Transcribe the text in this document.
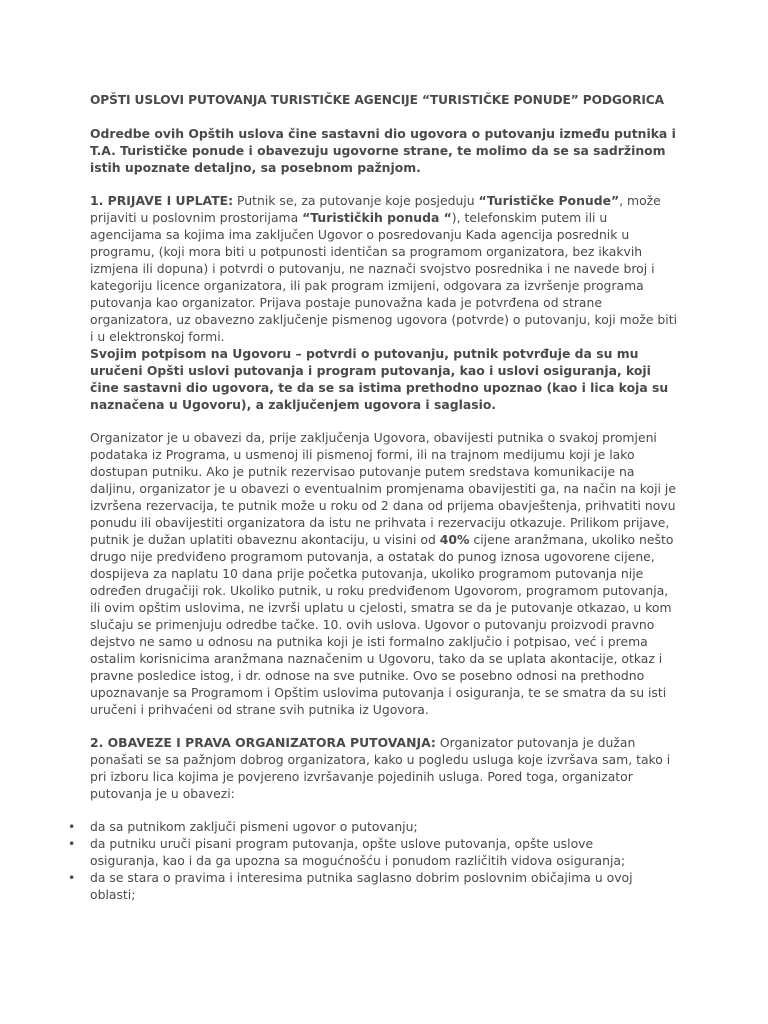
OPŠTI USLOVI PUTOVANJA TURISTIČKE AGENCIJE “TURISTIČKE PONUDE” PODGORICA

Odredbe ovih Opštih uslova čine sastavni dio ugovora o putovanju između putnika i T.A. Turističke ponude i obavezuju ugovorne strane, te molimo da se sa sadržinom istih upoznate detaljno, sa posebnom pažnjom.

1. PRIJAVE I UPLATE: Putnik se, za putovanje koje posjeduju “Turističke Ponude”, može prijaviti u poslovnim prostorijama “Turističkih ponuda “), telefonskim putem ili u agencijama sa kojima ima zaključen Ugovor o posredovanju Kada agencija posrednik u programu, (koji mora biti u potpunosti identičan sa programom organizatora, bez ikakvih izmjena ili dopuna) i potvrdi o putovanju, ne naznači svojstvo posrednika i ne navede broj i kategoriju licence organizatora, ili pak program izmijeni, odgovara za izvršenje programa putovanja kao organizator. Prijava postaje punovažna kada je potvrđena od strane organizatora, uz obavezno zaključenje pismenog ugovora (potvrde) o putovanju, koji može biti i u elektronskoj formi.

Svojim potpisom na Ugovoru – potvrdi o putovanju, putnik potvrđuje da su mu uručeni Opšti uslovi putovanja i program putovanja, kao i uslovi osiguranja, koji čine sastavni dio ugovora, te da se sa istima prethodno upoznao (kao i lica koja su naznačena u Ugovoru), a zaključenjem ugovora i saglasio.

Organizator je u obavezi da, prije zaključenja Ugovora, obavijesti putnika o svakoj promjeni podataka iz Programa, u usmenoj ili pismenoj formi, ili na trajnom medijumu koji je lako dostupan putniku. Ako je putnik rezervisao putovanje putem sredstava komunikacije na daljinu, organizator je u obavezi o eventualnim promjenama obavijestiti ga, na način na koji je izvršena rezervacija, te putnik može u roku od 2 dana od prijema obavještenja, prihvatiti novu ponudu ili obavijestiti organizatora da istu ne prihvata i rezervaciju otkazuje. Prilikom prijave, putnik je dužan uplatiti obaveznu akontaciju, u visini od 40% cijene aranžmana, ukoliko nešto drugo nije predviđeno programom putovanja, a ostatak do punog iznosa ugovorene cijene, dospijeva za naplatu 10 dana prije početka putovanja, ukoliko programom putovanja nije određen drugačiji rok. Ukoliko putnik, u roku predviđenom Ugovorom, programom putovanja, ili ovim opštim uslovima, ne izvrši uplatu u cjelosti, smatra se da je putovanje otkazao, u kom slučaju se primenjuju odredbe tačke. 10. ovih uslova. Ugovor o putovanju proizvodi pravno dejstvo ne samo u odnosu na putnika koji je isti formalno zaključio i potpisao, već i prema ostalim korisnicima aranžmana naznačenim u Ugovoru, tako da se uplata akontacije, otkaz i pravne posledice istog, i dr. odnose na sve putnike. Ovo se posebno odnosi na prethodno upoznavanje sa Programom i Opštim uslovima putovanja i osiguranja, te se smatra da su isti uručeni i prihvaćeni od strane svih putnika iz Ugovora.

2. OBAVEZE I PRAVA ORGANIZATORA PUTOVANJA: Organizator putovanja je dužan ponašati se sa pažnjom dobrog organizatora, kako u pogledu usluga koje izvršava sam, tako i pri izboru lica kojima je povjereno izvršavanje pojedinih usluga. Pored toga, organizator putovanja je u obavezi:

• da sa putnikom zaključi pismeni ugovor o putovanju;
• da putniku uruči pisani program putovanja, opšte uslove putovanja, opšte uslove osiguranja, kao i da ga upozna sa mogućnošću i ponudom različitih vidova osiguranja;
• da se stara o pravima i interesima putnika saglasno dobrim poslovnim običajima u ovoj oblasti;
